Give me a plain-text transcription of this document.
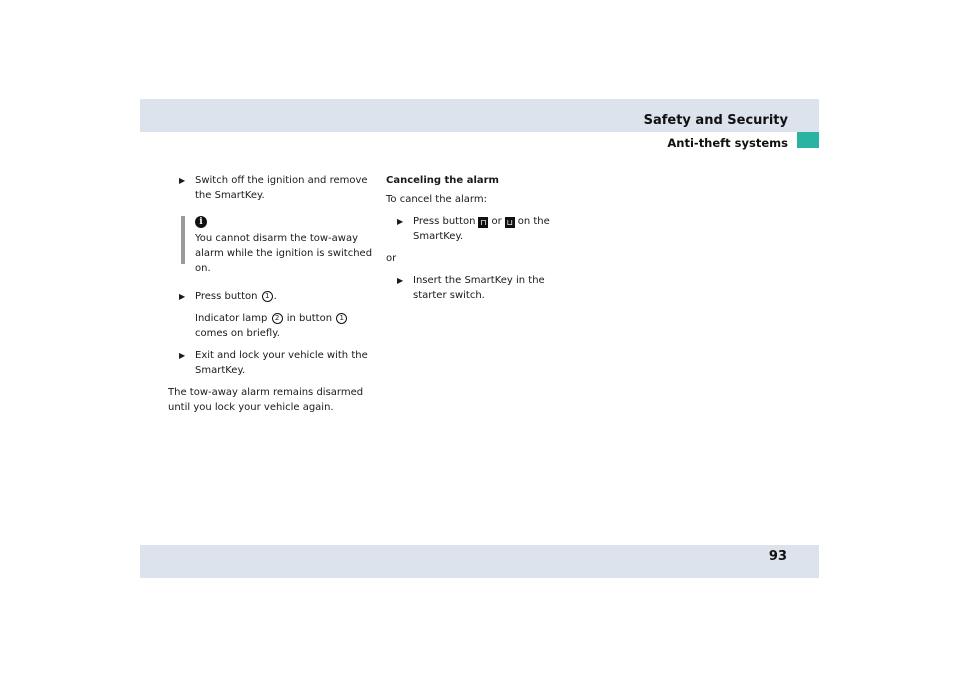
Safety and Security
Anti-theft systems
▶ Switch off the ignition and remove the SmartKey.
i
You cannot disarm the tow-away alarm while the ignition is switched on.
▶ Press button 1 .
Indicator lamp 2 in button 1 comes on briefly.
▶ Exit and lock your vehicle with the SmartKey.
The tow-away alarm remains disarmed until you lock your vehicle again.
Canceling the alarm
To cancel the alarm:
▶ Press button ⊓ or ⊔ on the SmartKey.
or
▶ Insert the SmartKey in the starter switch.
93
